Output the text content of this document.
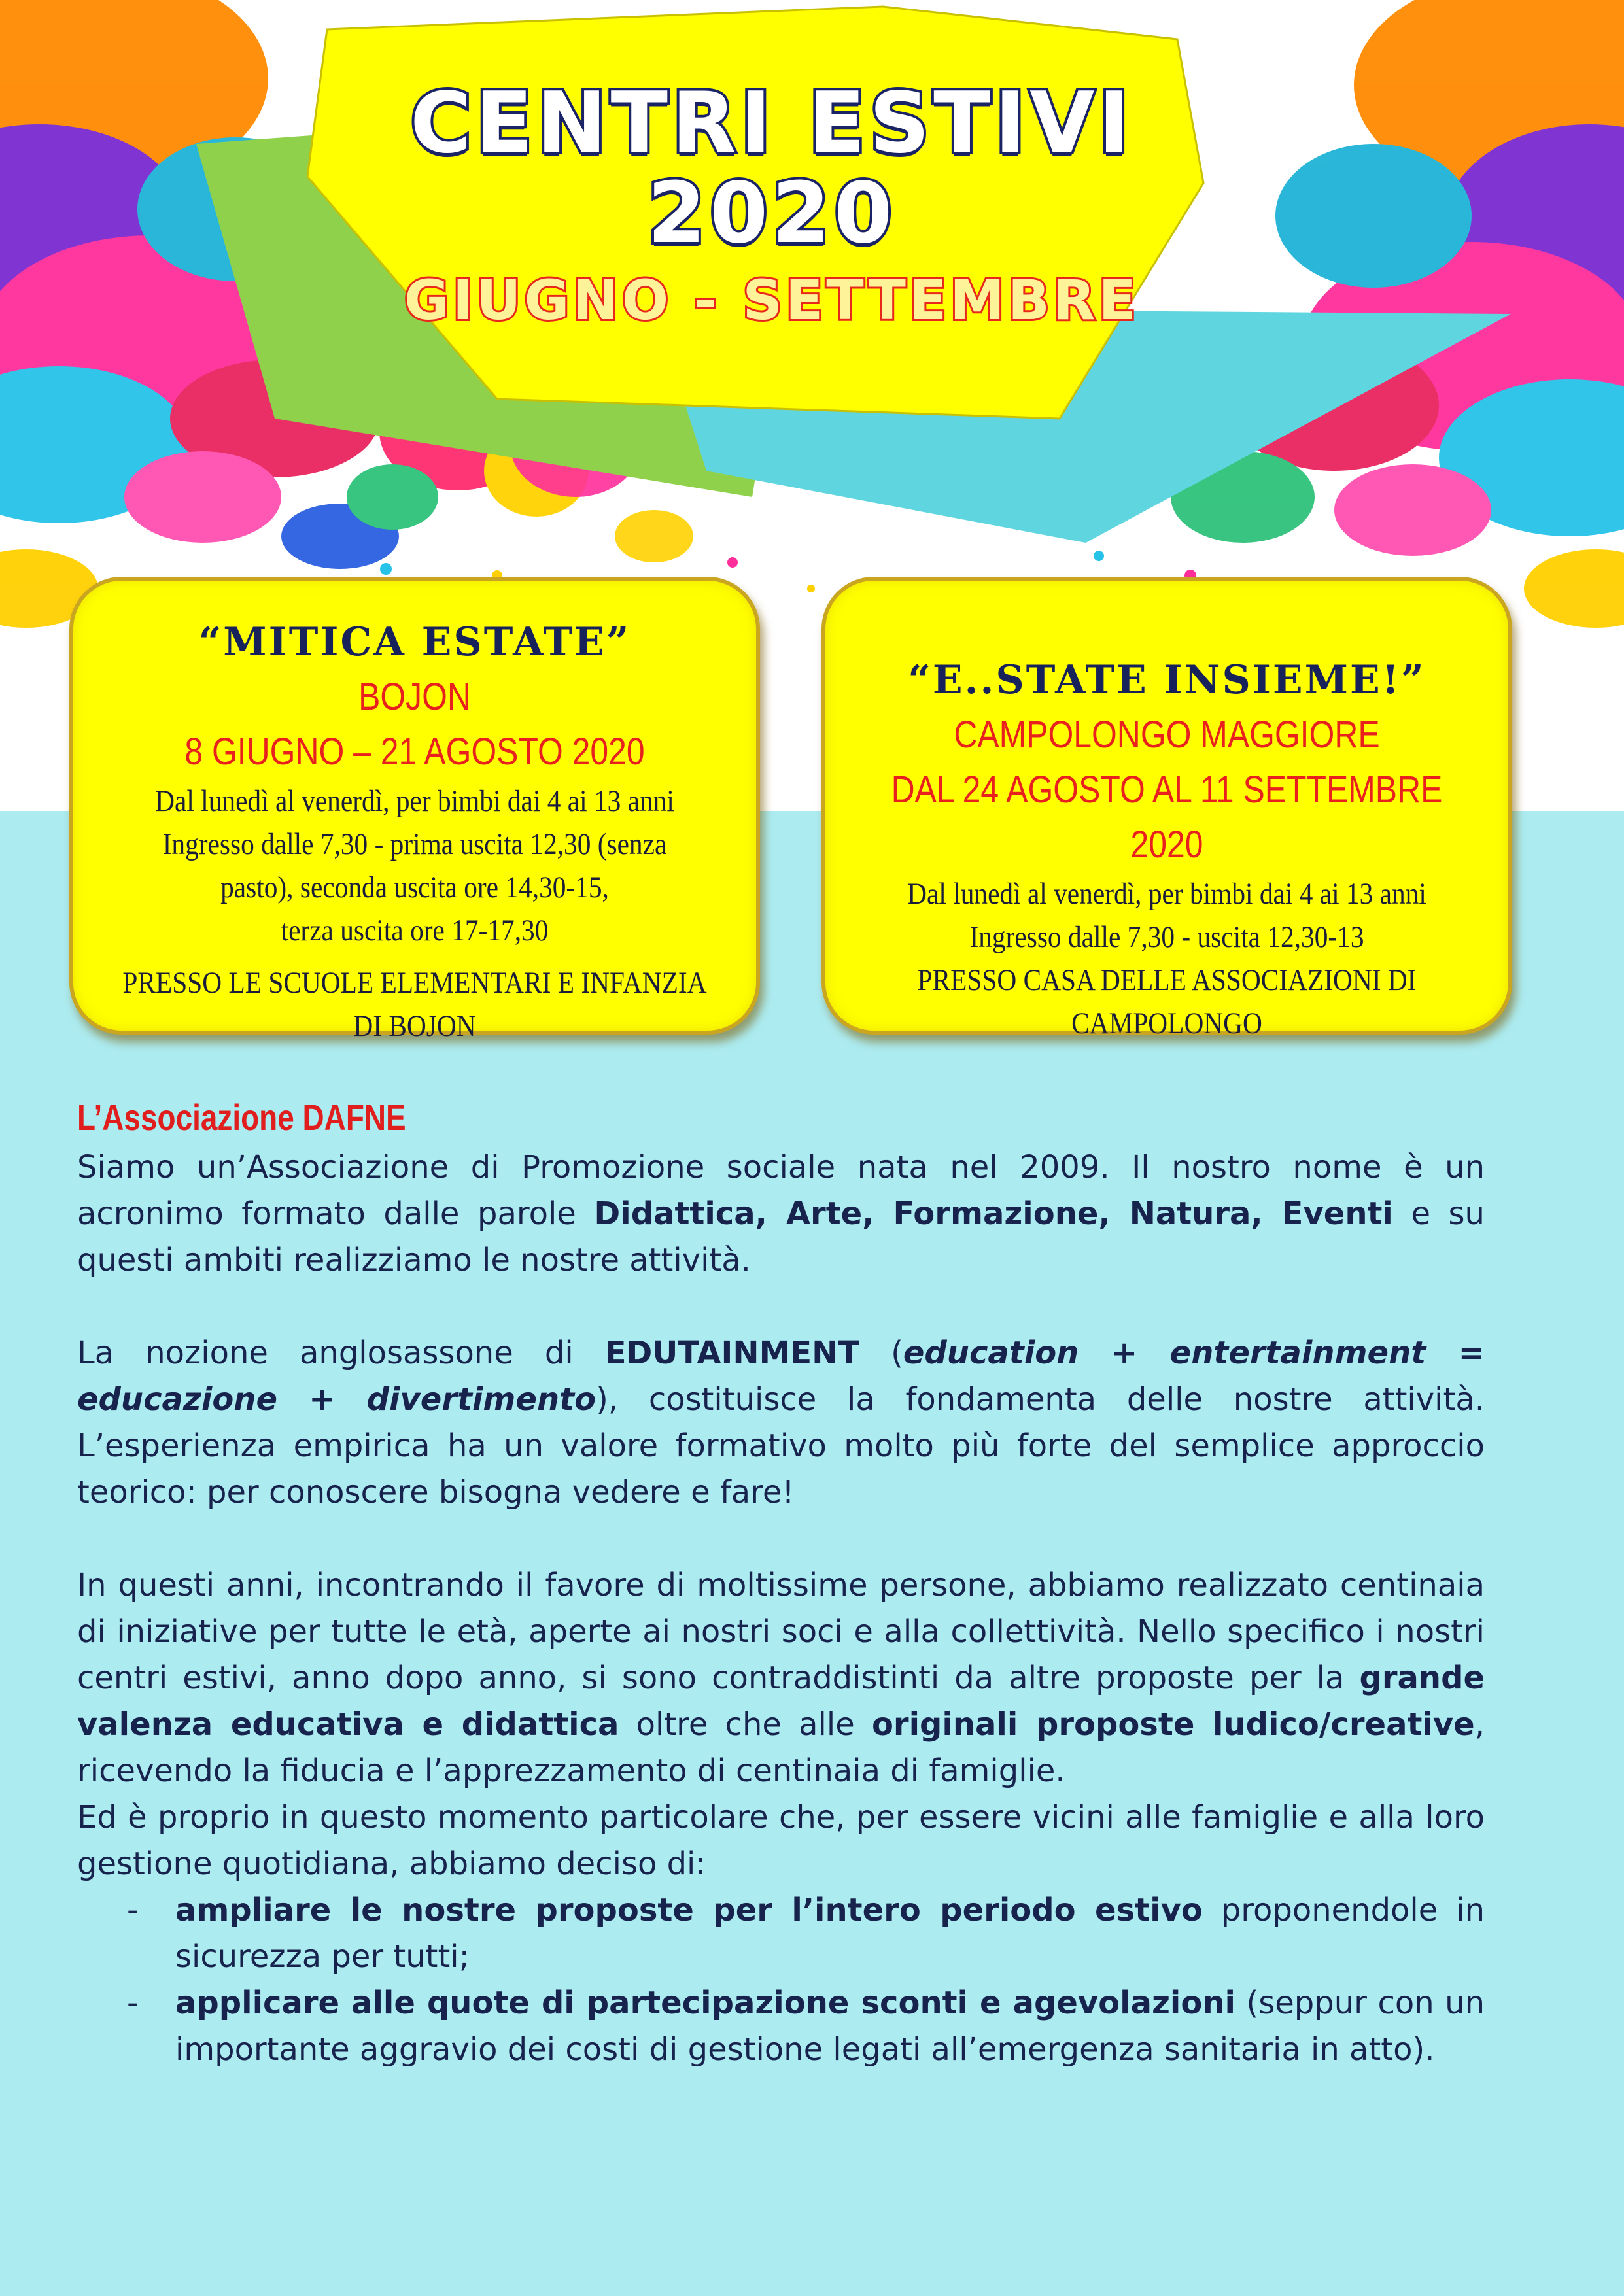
CENTRI ESTIVI
2020
GIUGNO - SETTEMBRE
“MITICA ESTATE”
BOJON
8 GIUGNO – 21 AGOSTO 2020
Dal lunedì al venerdì, per bimbi dai 4 ai 13 anni
Ingresso dalle 7,30 - prima uscita 12,30 (senza
pasto), seconda uscita ore 14,30-15,
terza uscita ore 17-17,30
PRESSO LE SCUOLE ELEMENTARI E INFANZIA DI BOJON
“E..STATE INSIEME!”
CAMPOLONGO MAGGIORE
DAL 24 AGOSTO AL 11 SETTEMBRE 2020
Dal lunedì al venerdì, per bimbi dai 4 ai 13 anni
Ingresso dalle 7,30 - uscita 12,30-13
PRESSO CASA DELLE ASSOCIAZIONI DI CAMPOLONGO
L’Associazione DAFNE

Siamo un’Associazione di Promozione sociale nata nel 2009. Il nostro nome è un acronimo formato dalle parole Didattica, Arte, Formazione, Natura, Eventi e su questi ambiti realizziamo le nostre attività.

La nozione anglosassone di EDUTAINMENT (education + entertainment = educazione + divertimento), costituisce la fondamenta delle nostre attività. L’esperienza empirica ha un valore formativo molto più forte del semplice approccio teorico: per conoscere bisogna vedere e fare!

In questi anni, incontrando il favore di moltissime persone, abbiamo realizzato centinaia di iniziative per tutte le età, aperte ai nostri soci e alla collettività. Nello specifico i nostri centri estivi, anno dopo anno, si sono contraddistinti da altre proposte per la grande valenza educativa e didattica oltre che alle originali proposte ludico/creative, ricevendo la fiducia e l’apprezzamento di centinaia di famiglie.

Ed è proprio in questo momento particolare che, per essere vicini alle famiglie e alla loro gestione quotidiana, abbiamo deciso di:

- ampliare le nostre proposte per l’intero periodo estivo proponendole in sicurezza per tutti;
- applicare alle quote di partecipazione sconti e agevolazioni (seppur con un importante aggravio dei costi di gestione legati all’emergenza sanitaria in atto).
